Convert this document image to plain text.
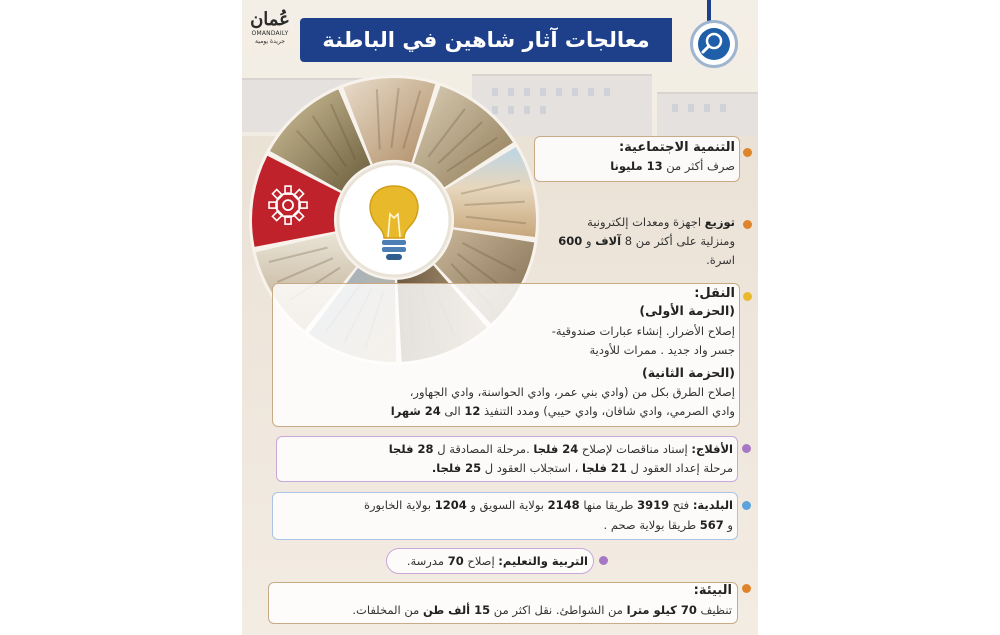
عُمان
OMANDAILY
جريدة يومية	معالجات آثار شاهين في الباطنة
التنمية الاجتماعية:
صرف أكثر من 13 مليونا
توزيع اجهزة ومعدات إلكترونية
ومنزلية على أكثر من 8 آلاف و 600
اسرة.
النقل:
(الحزمة الأولى)
إصلاح الأضرار. إنشاء عبارات صندوقية-
جسر واد جديد . ممرات للأودية
(الحزمة الثانية)
إصلاح الطرق بكل من (وادي بني عمر، وادي الحواسنة، وادي الجهاور،
وادي الصرمي، وادي شافان، وادي حيبي) ومدد التنفيذ 12 الى 24 شهرا
الأفلاج: إسناد مناقصات لإصلاح 24 فلجا .مرحلة المصادقة ل 28 فلجا
مرحلة إعداد العقود ل 21 فلجا ، استجلاب العقود ل 25 فلجا.
البلدية: فتح 3919 طريقا منها 2148 بولاية السويق و 1204 بولاية الخابورة
و 567 طريقا بولاية صحم .
التربية والتعليم: إصلاح 70 مدرسة.
البيئة:
تنظيف 70 كيلو مترا من الشواطئ. نقل اكثر من 15 ألف طن من المخلفات.
